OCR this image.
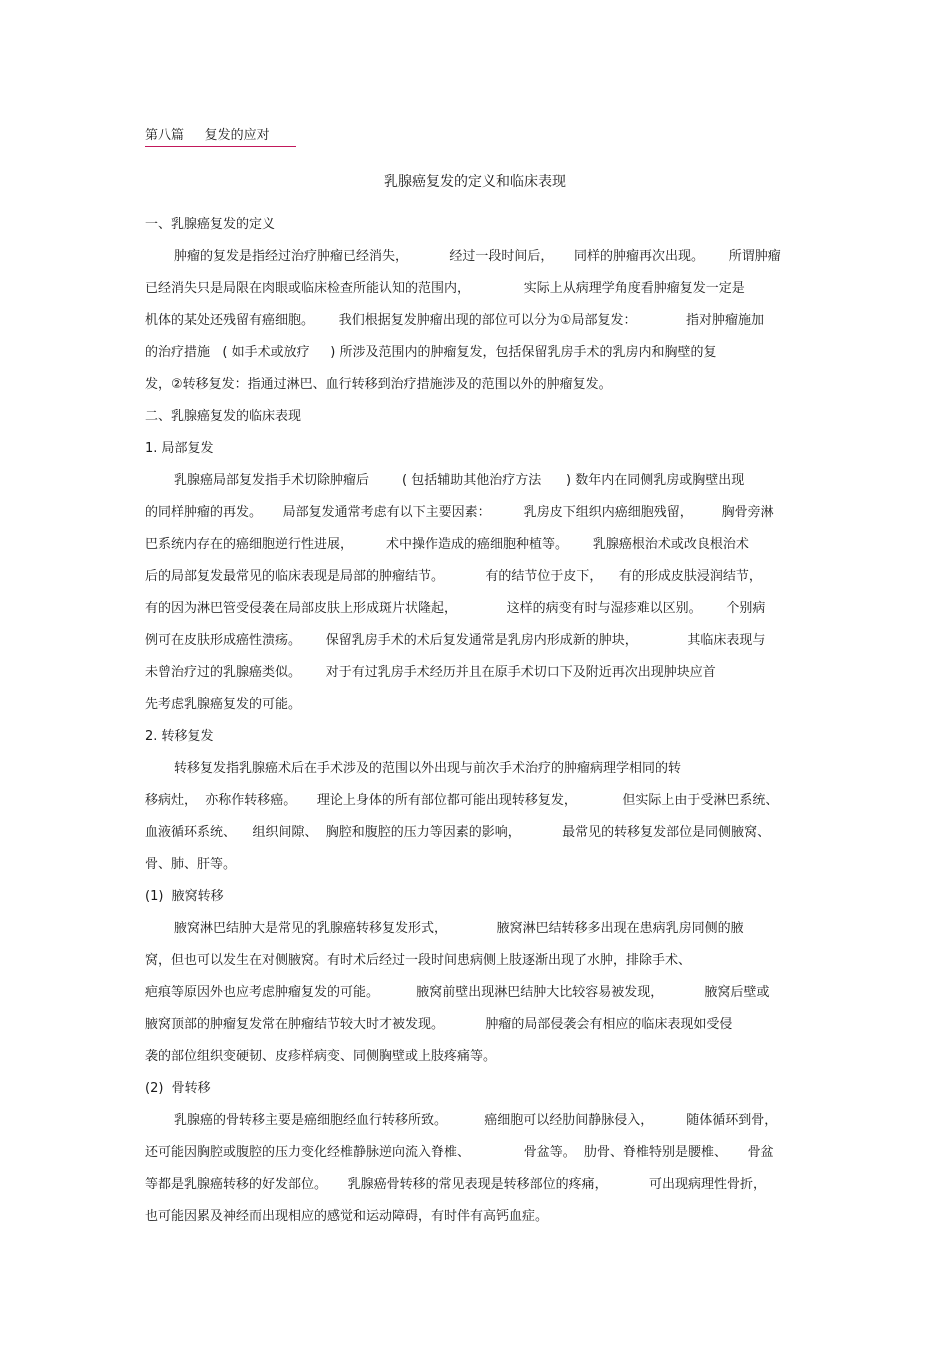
第八篇     复发的应对
乳腺癌复发的定义和临床表现
一、乳腺癌复发的定义
肿瘤的复发是指经过治疗肿瘤已经消失，          经过一段时间后，     同样的肿瘤再次出现。      所谓肿瘤
已经消失只是局限在肉眼或临床检查所能认知的范围内，             实际上从病理学角度看肿瘤复发一定是
机体的某处还残留有癌细胞。      我们根据复发肿瘤出现的部位可以分为①局部复发：            指对肿瘤施加
的治疗措施   ( 如手术或放疗     ) 所涉及范围内的肿瘤复发，包括保留乳房手术的乳房内和胸壁的复
发，②转移复发：指通过淋巴、血行转移到治疗措施涉及的范围以外的肿瘤复发。
二、乳腺癌复发的临床表现
1. 局部复发
乳腺癌局部复发指手术切除肿瘤后        ( 包括辅助其他治疗方法      ) 数年内在同侧乳房或胸壁出现
的同样肿瘤的再发。     局部复发通常考虑有以下主要因素：        乳房皮下组织内癌细胞残留，       胸骨旁淋
巴系统内存在的癌细胞逆行性进展，        术中操作造成的癌细胞种植等。      乳腺癌根治术或改良根治术
后的局部复发最常见的临床表现是局部的肿瘤结节。          有的结节位于皮下，    有的形成皮肤浸润结节，
有的因为淋巴管受侵袭在局部皮肤上形成斑片状隆起，            这样的病变有时与湿疹难以区别。      个别病
例可在皮肤形成癌性溃疡。      保留乳房手术的术后复发通常是乳房内形成新的肿块，            其临床表现与
未曾治疗过的乳腺癌类似。      对于有过乳房手术经历并且在原手术切口下及附近再次出现肿块应首
先考虑乳腺癌复发的可能。
2. 转移复发
转移复发指乳腺癌术后在手术涉及的范围以外出现与前次手术治疗的肿瘤病理学相同的转
移病灶，  亦称作转移癌。     理论上身体的所有部位都可能出现转移复发，           但实际上由于受淋巴系统、
血液循环系统、    组织间隙、  胸腔和腹腔的压力等因素的影响，          最常见的转移复发部位是同侧腋窝、
骨、肺、肝等。
(1)  腋窝转移
腋窝淋巴结肿大是常见的乳腺癌转移复发形式，            腋窝淋巴结转移多出现在患病乳房同侧的腋
窝，但也可以发生在对侧腋窝。有时术后经过一段时间患病侧上肢逐渐出现了水肿，排除手术、
疤痕等原因外也应考虑肿瘤复发的可能。         腋窝前壁出现淋巴结肿大比较容易被发现，          腋窝后壁或
腋窝顶部的肿瘤复发常在肿瘤结节较大时才被发现。          肿瘤的局部侵袭会有相应的临床表现如受侵
袭的部位组织变硬韧、皮疹样病变、同侧胸壁或上肢疼痛等。
(2)  骨转移
乳腺癌的骨转移主要是癌细胞经血行转移所致。         癌细胞可以经肋间静脉侵入，        随体循环到骨，
还可能因胸腔或腹腔的压力变化经椎静脉逆向流入脊椎、             骨盆等。  肋骨、脊椎特别是腰椎、     骨盆
等都是乳腺癌转移的好发部位。     乳腺癌骨转移的常见表现是转移部位的疼痛，          可出现病理性骨折，
也可能因累及神经而出现相应的感觉和运动障碍，有时伴有高钙血症。
